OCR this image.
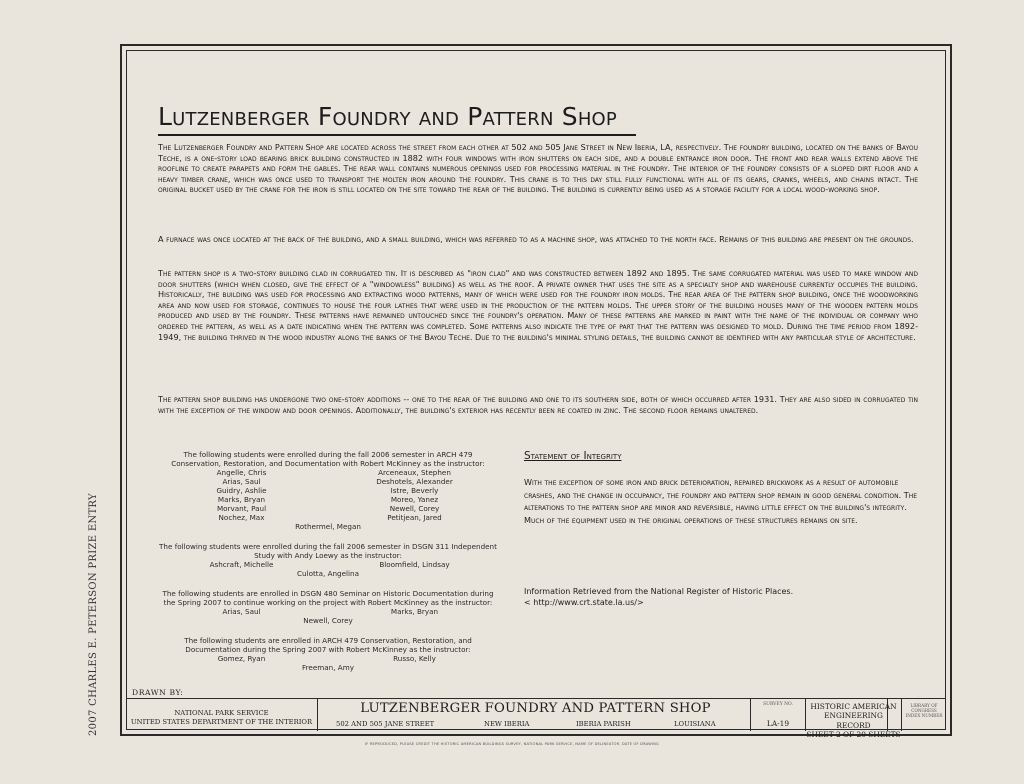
2007 CHARLES E. PETERSON PRIZE ENTRY
Lutzenberger Foundry and Pattern Shop

The Lutzenberger Foundry and Pattern Shop are located across the street from each other at 502 and 505 Jane Street in New Iberia, LA, respectively. The foundry building, located on the banks of Bayou Teche, is a one-story load bearing brick building constructed in 1882 with four windows with iron shutters on each side, and a double entrance iron door. The front and rear walls extend above the roofline to create parapets and form the gables. The rear wall contains numerous openings used for processing material in the foundry. The interior of the foundry consists of a sloped dirt floor and a heavy timber crane, which was once used to transport the molten iron around the foundry. This crane is to this day still fully functional with all of its gears, cranks, wheels, and chains intact. The original bucket used by the crane for the iron is still located on the site toward the rear of the building. The building is currently being used as a storage facility for a local wood-working shop.

A furnace was once located at the back of the building, and a small building, which was referred to as a machine shop, was attached to the north face. Remains of this building are present on the grounds.

The pattern shop is a two-story building clad in corrugated tin. It is described as "iron clad" and was constructed between 1892 and 1895. The same corrugated material was used to make window and door shutters (which when closed, give the effect of a "windowless" building) as well as the roof. A private owner that uses the site as a specialty shop and warehouse currently occupies the building. Historically, the building was used for processing and extracting wood patterns, many of which were used for the foundry iron molds. The rear area of the pattern shop building, once the woodworking area and now used for storage, continues to house the four lathes that were used in the production of the pattern molds. The upper story of the building houses many of the wooden pattern molds produced and used by the foundry. These patterns have remained untouched since the foundry's operation. Many of these patterns are marked in paint with the name of the individual or company who ordered the pattern, as well as a date indicating when the pattern was completed. Some patterns also indicate the type of part that the pattern was designed to mold. During the time period from 1892-1949, the building thrived in the wood industry along the banks of the Bayou Teche. Due to the building's minimal styling details, the building cannot be identified with any particular style of architecture.

The pattern shop building has undergone two one-story additions -- one to the rear of the building and one to its southern side, both of which occurred after 1931. They are also sided in corrugated tin with the exception of the window and door openings. Additionally, the building's exterior has recently been re coated in zinc. The second floor remains unaltered.

The following students were enrolled during the fall 2006 semester in ARCH 479 Conservation, Restoration, and Documentation with Robert McKinney as the instructor:
Angelle, Chris	Arceneaux, Stephen
Arias, Saul	Deshotels, Alexander
Guidry, Ashlie	Istre, Beverly
Marks, Bryan	Moreo, Yanez
Morvant, Paul	Newell, Corey
Nochez, Max	Petitjean, Jared
Rothermel, Megan
The following students were enrolled during the fall 2006 semester in DSGN 311 Independent Study with Andy Loewy as the instructor:
Ashcraft, Michelle	Bloomfield, Lindsay
Culotta, Angelina
The following students are enrolled in DSGN 480 Seminar on Historic Documentation during the Spring 2007 to continue working on the project with Robert McKinney as the instructor:
Arias, Saul	Marks, Bryan
Newell, Corey
The following students are enrolled in ARCH 479 Conservation, Restoration, and Documentation during the Spring 2007 with Robert McKinney as the instructor:
Gomez, Ryan	Russo, Kelly
Freeman, Amy
Statement of Integrity
With the exception of some iron and brick deterioration, repaired brickwork as a result of automobile crashes, and the change in occupancy, the foundry and pattern shop remain in good general condition. The alterations to the pattern shop are minor and reversible, having little effect on the building's integrity. Much of the equipment used in the original operations of these structures remains on site.
Information Retrieved from the National Register of Historic Places.
< http://www.crt.state.la.us/>
DRAWN BY:
NATIONAL PARK SERVICE
UNITED STATES DEPARTMENT OF THE INTERIOR
LUTZENBERGER FOUNDRY AND PATTERN SHOP
502 AND 505 JANE STREET	NEW IBERIA	IBERIA PARISH	LOUISIANA
SURVEY NO.
LA-19
HISTORIC AMERICAN
ENGINEERING RECORD
SHEET 2 OF 20 SHEETS
LIBRARY OF CONGRESS
INDEX NUMBER
IF REPRODUCED, PLEASE CREDIT THE HISTORIC AMERICAN BUILDINGS SURVEY, NATIONAL PARK SERVICE, NAME OF DELINEATOR, DATE OF DRAWING
